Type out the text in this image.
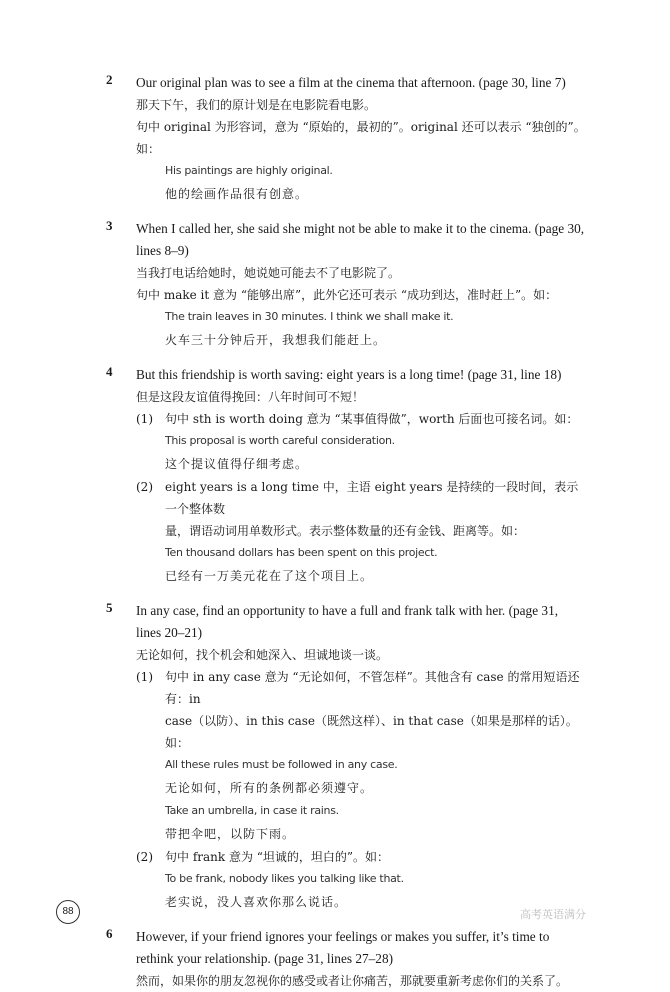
2	Our original plan was to see a film at the cinema that afternoon. (page 30, line 7)
那天下午，我们的原计划是在电影院看电影。
句中 original 为形容词，意为 “原始的，最初的”。original 还可以表示 “独创的”。如：
His paintings are highly original.
他的绘画作品很有创意。
3	When I called her, she said she might not be able to make it to the cinema. (page 30,
lines 8–9)
当我打电话给她时，她说她可能去不了电影院了。
句中 make it 意为 “能够出席”，此外它还可表示 “成功到达，准时赶上”。如：
The train leaves in 30 minutes. I think we shall make it.
火车三十分钟后开，我想我们能赶上。
4	But this friendship is worth saving: eight years is a long time! (page 31, line 18)
但是这段友谊值得挽回：八年时间可不短！
(1) 句中 sth is worth doing 意为 “某事值得做”，worth 后面也可接名词。如：
This proposal is worth careful consideration.
这个提议值得仔细考虑。
(2) eight years is a long time 中，主语 eight years 是持续的一段时间，表示一个整体数
量，谓语动词用单数形式。表示整体数量的还有金钱、距离等。如：
Ten thousand dollars has been spent on this project.
已经有一万美元花在了这个项目上。
5	In any case, find an opportunity to have a full and frank talk with her. (page 31,
lines 20–21)
无论如何，找个机会和她深入、坦诚地谈一谈。
(1) 句中 in any case 意为 “无论如何，不管怎样”。其他含有 case 的常用短语还有：in
case（以防）、in this case（既然这样）、in that case（如果是那样的话）。如：
All these rules must be followed in any case.
无论如何，所有的条例都必须遵守。
Take an umbrella, in case it rains.
带把伞吧，以防下雨。
(2) 句中 frank 意为 “坦诚的，坦白的”。如：
To be frank, nobody likes you talking like that.
老实说，没人喜欢你那么说话。
6	However, if your friend ignores your feelings or makes you suffer, it’s time to
rethink your relationship. (page 31, lines 27–28)
然而，如果你的朋友忽视你的感受或者让你痛苦，那就要重新考虑你们的关系了。
88	高考英语满分
